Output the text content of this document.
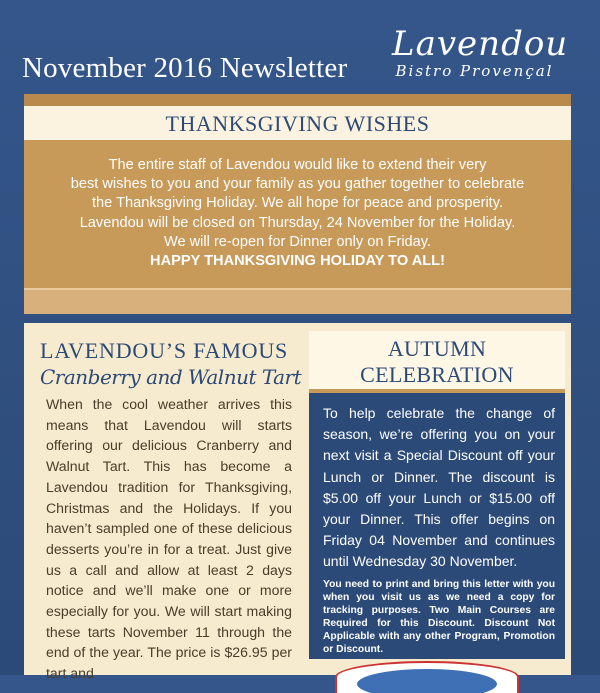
November 2016 Newsletter
Lavendou
Bistro Provençal
THANKSGIVING WISHES
The entire staff of Lavendou would like to extend their very
best wishes to you and your family as you gather together to celebrate
the Thanksgiving Holiday. We all hope for peace and prosperity.
Lavendou will be closed on Thursday, 24 November for the Holiday.
We will re-open for Dinner only on Friday.
HAPPY THANKSGIVING HOLIDAY TO ALL!
LAVENDOU’S FAMOUS
Cranberry and Walnut Tart
When the cool weather arrives this means that Lavendou will starts offering our delicious Cranberry and Walnut Tart. This has become a Lavendou tradition for Thanksgiving, Christmas and the Holidays. If you haven’t sampled one of these delicious desserts you’re in for a treat. Just give us a call and allow at least 2 days notice and we’ll make one or more especially for you. We will start making these tarts November 11 through the end of the year. The price is $26.95 per tart and
AUTUMN CELEBRATION
To help celebrate the change of season, we’re offering you on your next visit a Special Discount off your Lunch or Dinner. The discount is $5.00 off your Lunch or $15.00 off your Dinner. This offer begins on Friday 04 November and continues until Wednesday 30 November.
You need to print and bring this letter with you when you visit us as we need a copy for tracking purposes. Two Main Courses are Required for this Discount. Discount Not Applicable with any other Program, Promotion or Discount.
